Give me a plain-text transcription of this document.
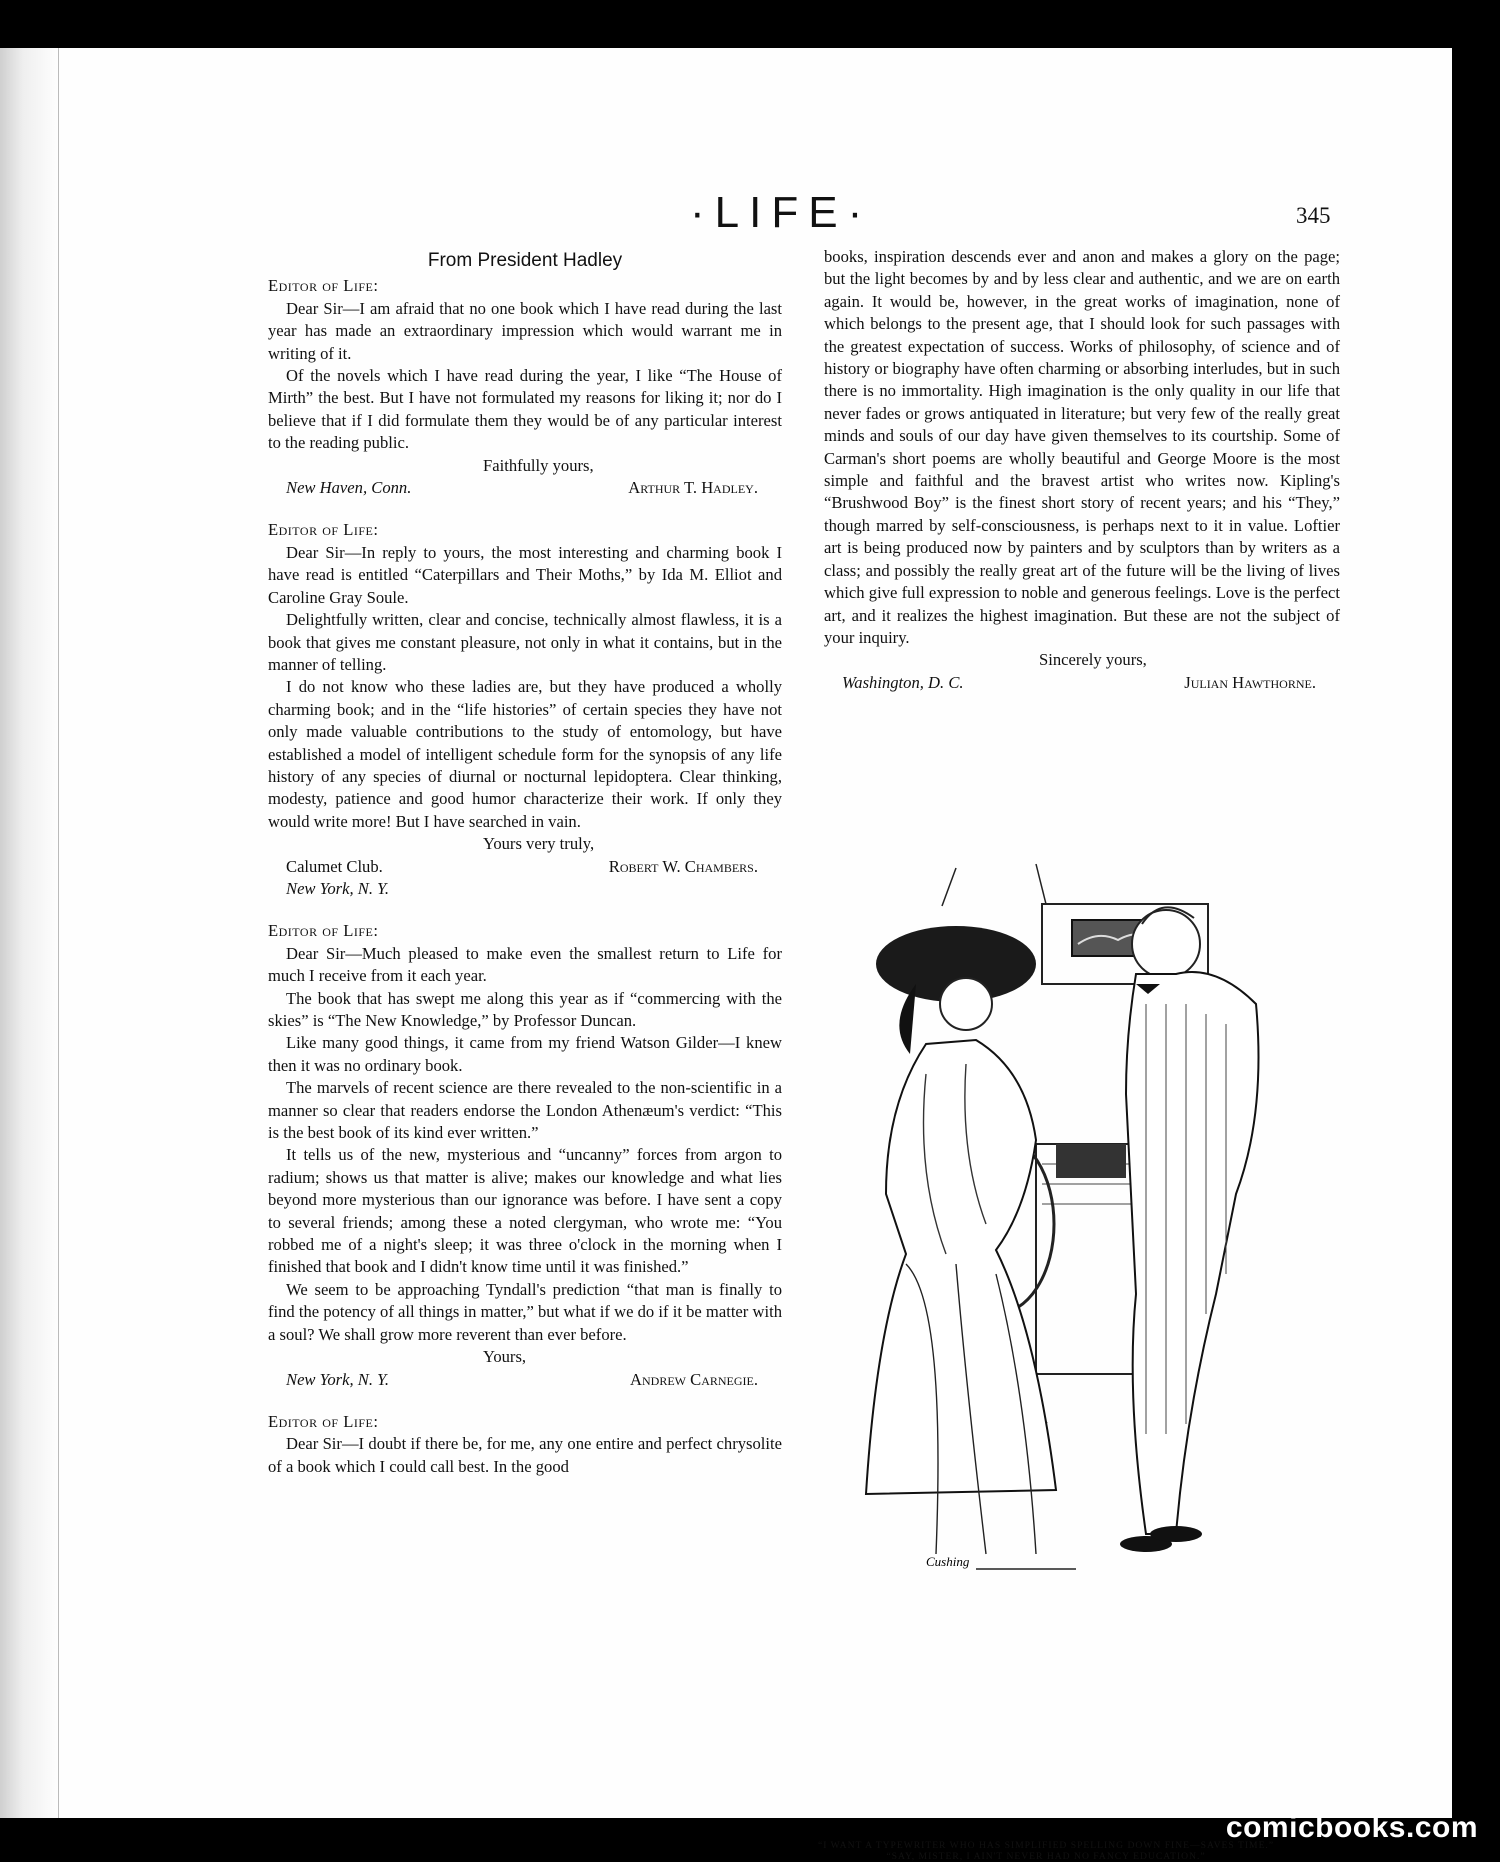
·LIFE·	345
From President Hadley

Editor of Life:

Dear Sir—I am afraid that no one book which I have read during the last year has made an extraordinary impression which would warrant me in writing of it.

Of the novels which I have read during the year, I like “The House of Mirth” the best. But I have not formulated my reasons for liking it; nor do I believe that if I did formulate them they would be of any particular interest to the reading public.

Faithfully yours,

New Haven, Conn.	Arthur T. Hadley.

Editor of Life:

Dear Sir—In reply to yours, the most interesting and charming book I have read is entitled “Caterpillars and Their Moths,” by Ida M. Elliot and Caroline Gray Soule.

Delightfully written, clear and concise, technically almost flawless, it is a book that gives me constant pleasure, not only in what it contains, but in the manner of telling.

I do not know who these ladies are, but they have produced a wholly charming book; and in the “life histories” of certain species they have not only made valuable contributions to the study of entomology, but have established a model of intelligent schedule form for the synopsis of any life history of any species of diurnal or nocturnal lepidoptera. Clear thinking, modesty, patience and good humor characterize their work. If only they would write more! But I have searched in vain.

Yours very truly,

Calumet Club.	Robert W. Chambers.

New York, N. Y.

Editor of Life:

Dear Sir—Much pleased to make even the smallest return to Life for much I receive from it each year.

The book that has swept me along this year as if “commercing with the skies” is “The New Knowledge,” by Professor Duncan.

Like many good things, it came from my friend Watson Gilder—I knew then it was no ordinary book.

The marvels of recent science are there revealed to the non-scientific in a manner so clear that readers endorse the London Athenæum's verdict: “This is the best book of its kind ever written.”

It tells us of the new, mysterious and “uncanny” forces from argon to radium; shows us that matter is alive; makes our knowledge and what lies beyond more mysterious than our ignorance was before. I have sent a copy to several friends; among these a noted clergyman, who wrote me: “You robbed me of a night's sleep; it was three o'clock in the morning when I finished that book and I didn't know time until it was finished.”

We seem to be approaching Tyndall's prediction “that man is finally to find the potency of all things in matter,” but what if we do if it be matter with a soul? We shall grow more reverent than ever before.

Yours,

New York, N. Y.	Andrew Carnegie.

Editor of Life:

Dear Sir—I doubt if there be, for me, any one entire and perfect chrysolite of a book which I could call best. In the good

books, inspiration descends ever and anon and makes a glory on the page; but the light becomes by and by less clear and authentic, and we are on earth again. It would be, however, in the great works of imagination, none of which belongs to the present age, that I should look for such passages with the greatest expectation of success. Works of philosophy, of science and of history or biography have often charming or absorbing interludes, but in such there is no immortality. High imagination is the only quality in our life that never fades or grows antiquated in literature; but very few of the really great minds and souls of our day have given themselves to its courtship. Some of Carman's short poems are wholly beautiful and George Moore is the most simple and faithful and the bravest artist who writes now. Kipling's “Brushwood Boy” is the finest short story of recent years; and his “They,” though marred by self-consciousness, is perhaps next to it in value. Loftier art is being produced now by painters and by sculptors than by writers as a class; and possibly the really great art of the future will be the living of lives which give full expression to noble and generous feelings. Love is the perfect art, and it realizes the highest imagination. But these are not the subject of your inquiry.

Sincerely yours,

Washington, D. C.	Julian Hawthorne.

Cushing
“I WANT A TYPEWRITER WHO HAS SIMPLIFIED SPELLING DOWN FINE—SAVES TIME.”
“SAY, MISTER, I AIN'T NEVER HAD NO FANCY EDUCATION.”
comicbooks.com
